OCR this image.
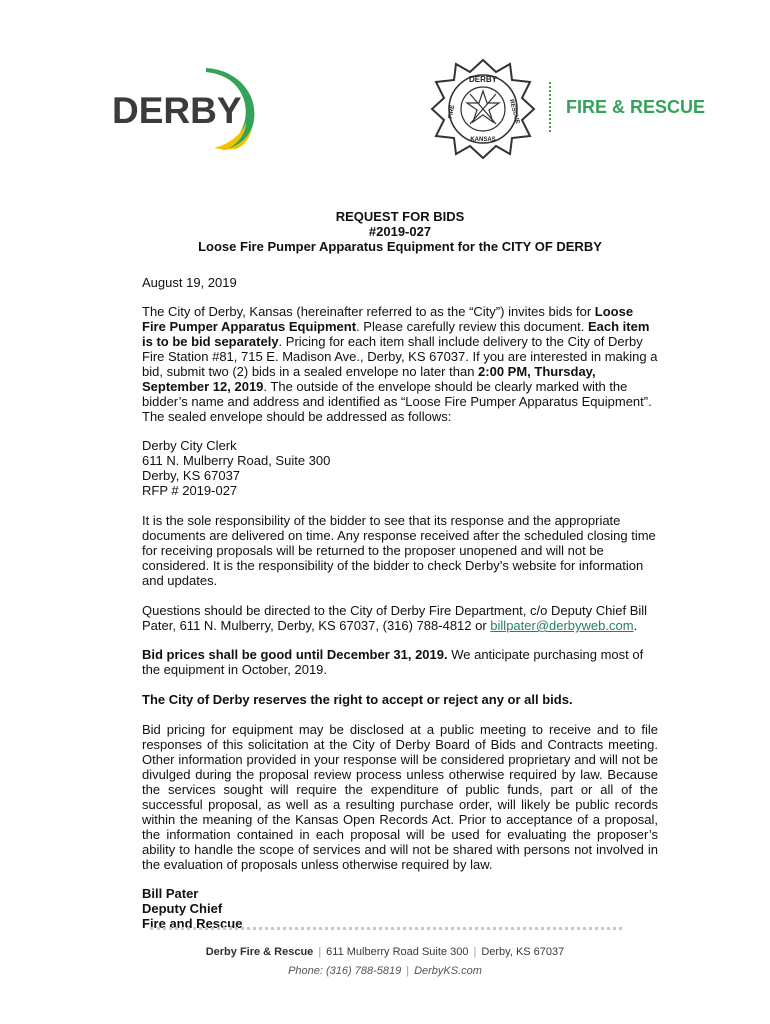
DERBY
DERBY
FIRE	RESCUE
KANSAS
FIRE & RESCUE
REQUEST FOR BIDS
#2019-027
Loose Fire Pumper Apparatus Equipment for the CITY OF DERBY

August 19, 2019

The City of Derby, Kansas (hereinafter referred to as the “City”) invites bids for Loose Fire Pumper Apparatus Equipment. Please carefully review this document. Each item is to be bid separately. Pricing for each item shall include delivery to the City of Derby Fire Station #81, 715 E. Madison Ave., Derby, KS 67037. If you are interested in making a bid, submit two (2) bids in a sealed envelope no later than 2:00 PM, Thursday, September 12, 2019. The outside of the envelope should be clearly marked with the bidder’s name and address and identified as “Loose Fire Pumper Apparatus Equipment”. The sealed envelope should be addressed as follows:

Derby City Clerk
611 N. Mulberry Road, Suite 300
Derby, KS 67037
RFP # 2019-027

It is the sole responsibility of the bidder to see that its response and the appropriate documents are delivered on time. Any response received after the scheduled closing time for receiving proposals will be returned to the proposer unopened and will not be considered. It is the responsibility of the bidder to check Derby’s website for information and updates.

Questions should be directed to the City of Derby Fire Department, c/o Deputy Chief Bill Pater, 611 N. Mulberry, Derby, KS 67037, (316) 788-4812 or billpater@derbyweb.com.

Bid prices shall be good until December 31, 2019. We anticipate purchasing most of the equipment in October, 2019.

The City of Derby reserves the right to accept or reject any or all bids.

Bid pricing for equipment may be disclosed at a public meeting to receive and to file responses of this solicitation at the City of Derby Board of Bids and Contracts meeting. Other information provided in your response will be considered proprietary and will not be divulged during the proposal review process unless otherwise required by law. Because the services sought will require the expenditure of public funds, part or all of the successful proposal, as well as a resulting purchase order, will likely be public records within the meaning of the Kansas Open Records Act. Prior to acceptance of a proposal, the information contained in each proposal will be used for evaluating the proposer’s ability to handle the scope of services and will not be shared with persons not involved in the evaluation of proposals unless otherwise required by law.

Bill Pater
Deputy Chief
Fire and Rescue

Derby Fire & Rescue | 611 Mulberry Road Suite 300 | Derby, KS 67037
Phone: (316) 788-5819 | DerbyKS.com
